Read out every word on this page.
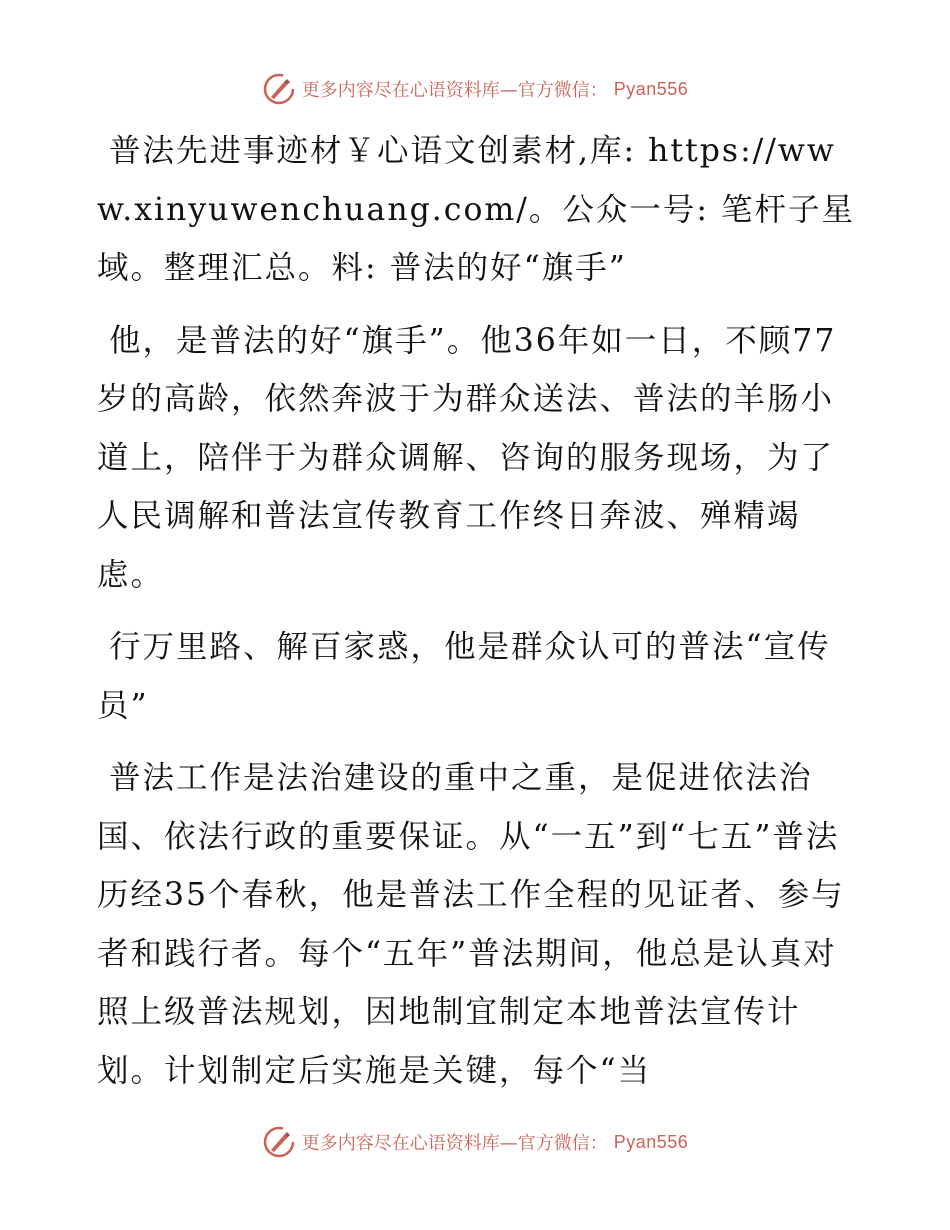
更多内容尽在心语资料库—官方微信： Pyan556

普法先进事迹材￥心语文创素材,库: https://www.xinyuwenchuang.com/。公众一号: 笔杆子星域。整理汇总。料: 普法的好“旗手”

他，是普法的好“旗手”。他36年如一日，不顾77岁的高龄，依然奔波于为群众送法、普法的羊肠小道上，陪伴于为群众调解、咨询的服务现场，为了人民调解和普法宣传教育工作终日奔波、殚精竭虑。

行万里路、解百家惑，他是群众认可的普法“宣传员”

普法工作是法治建设的重中之重，是促进依法治国、依法行政的重要保证。从“一五”到“七五”普法历经35个春秋，他是普法工作全程的见证者、参与者和践行者。每个“五年”普法期间，他总是认真对照上级普法规划，因地制宜制定本地普法宣传计划。计划制定后实施是关键，每个“当

更多内容尽在心语资料库—官方微信： Pyan556
